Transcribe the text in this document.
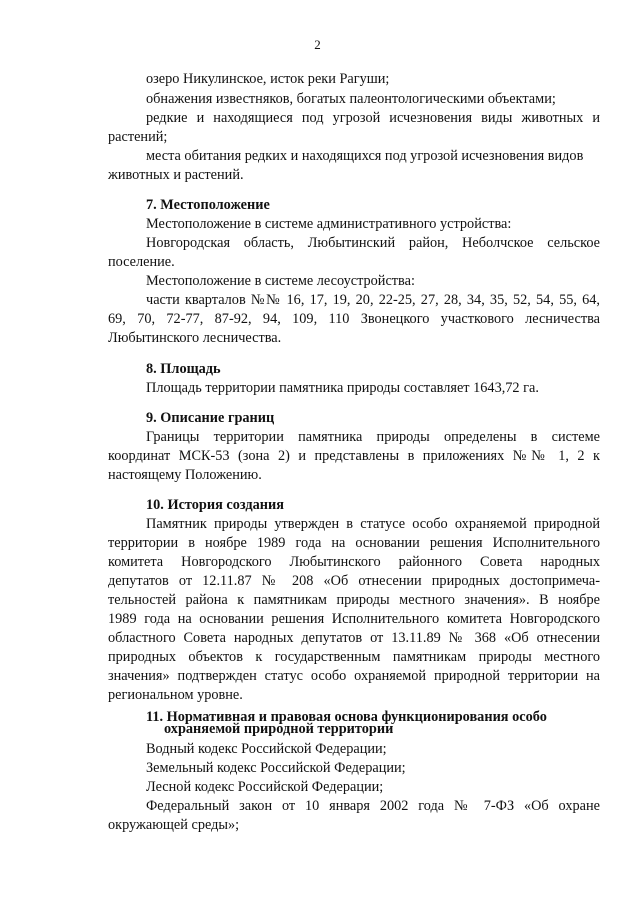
2
озеро Никулинское, исток реки Рагуши;
обнажения известняков, богатых палеонтологическими объектами;
редкие и находящиеся под угрозой исчезновения виды животных и
растений;
места обитания редких и находящихся под угрозой исчезновения видов
животных и растений.
7. Местоположение
Местоположение в системе административного устройства:
Новгородская область, Любытинский район, Неболчское сельское
поселение.
Местоположение в системе лесоустройства:
части кварталов №№ 16, 17, 19, 20, 22-25, 27, 28, 34, 35, 52, 54, 55, 64,
69, 70, 72-77, 87-92, 94, 109, 110 Звонецкого участкового лесничества
Любытинского лесничества.
8. Площадь
Площадь территории памятника природы составляет 1643,72 га.
9. Описание границ
Границы территории памятника природы определены в системе
координат МСК-53 (зона 2) и представлены в приложениях №№ 1, 2 к
настоящему Положению.
10. История создания
Памятник природы утвержден в статусе особо охраняемой природной
территории в ноябре 1989 года на основании решения Исполнительного
комитета Новгородского Любытинского районного Совета народных
депутатов от 12.11.87 № 208 «Об отнесении природных достопримеча-
тельностей района к памятникам природы местного значения». В ноябре
1989 года на основании решения Исполнительного комитета Новгородского
областного Совета народных депутатов от 13.11.89 № 368 «Об отнесении
природных объектов к государственным памятникам природы местного
значения» подтвержден статус особо охраняемой природной территории на
региональном уровне.
11. Нормативная и правовая основа функционирования особо
охраняемой природной территории
Водный кодекс Российской Федерации;
Земельный кодекс Российской Федерации;
Лесной кодекс Российской Федерации;
Федеральный закон от 10 января 2002 года № 7-ФЗ «Об охране
окружающей среды»;
